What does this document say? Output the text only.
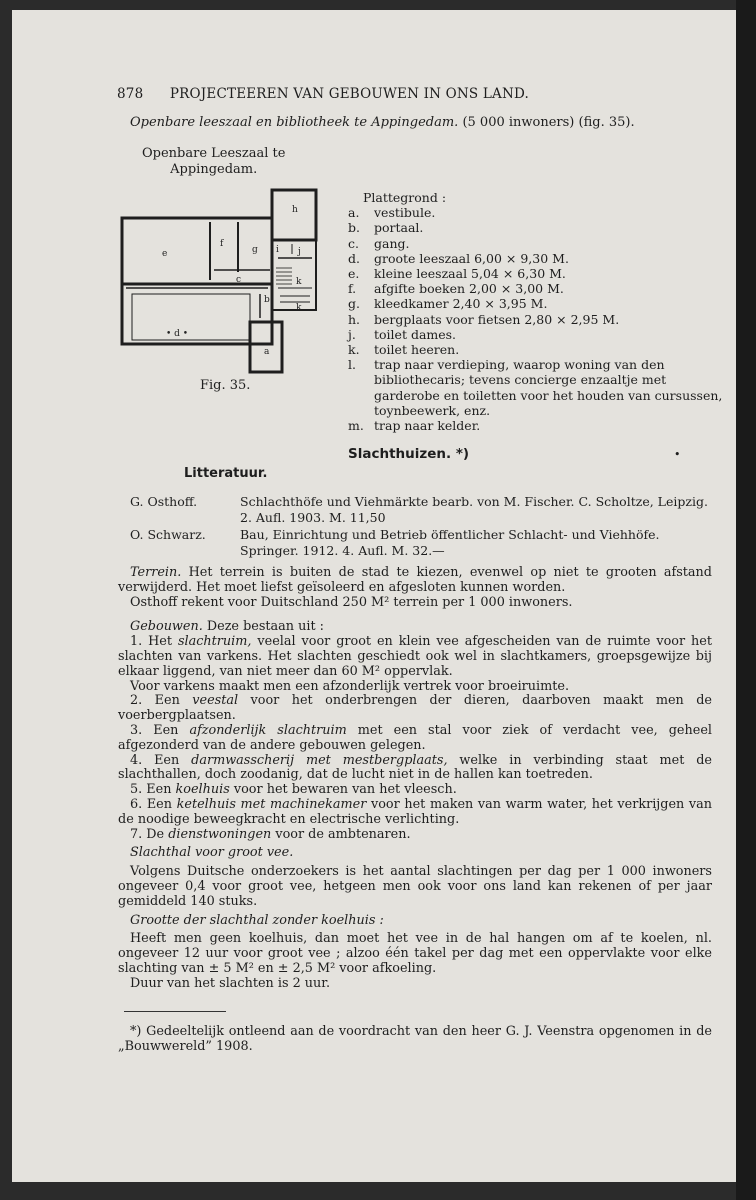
878 PROJECTEEREN VAN GEBOUWEN IN ONS LAND.
Openbare leeszaal en bibliotheek te Appingedam. (5 000 inwoners) (fig. 35).
Openbare Leeszaal te
Appingedam.
h
e
f
g i j
c	k
b
k
• d •
a
Fig. 35.
Plattegrond :
a.	vestibule.
b.	portaal.
c.	gang.
d.	groote leeszaal 6,00 × 9,30 M.
e.	kleine leeszaal 5,04 × 6,30 M.
f.	afgifte boeken 2,00 × 3,00 M.
g.	kleedkamer 2,40 × 3,95 M.
h.	bergplaats voor fietsen 2,80 × 2,95 M.
j.	toilet dames.
k.	toilet heeren.
l.	trap naar verdieping, waarop woning van den bibliothecaris; tevens concierge enzaaltje met garderobe en toiletten voor het houden van cursussen, toynbeewerk, enz.
m. trap naar kelder.
Slachthuizen. *)	•
Litteratuur.
G. Osthoff.	Schlachthöfe und Viehmärkte bearb. von M. Fischer. C. Scholtze, Leipzig. 2. Aufl. 1903. M. 11,50
O. Schwarz.	Bau, Einrichtung und Betrieb öffentlicher Schlacht- und Viehhöfe. Springer. 1912. 4. Aufl. M. 32.—

Terrein. Het terrein is buiten de stad te kiezen, evenwel op niet te grooten afstand verwijderd. Het moet liefst geïsoleerd en afgesloten kunnen worden.

Osthoff rekent voor Duitschland 250 M² terrein per 1 000 inwoners.

Gebouwen. Deze bestaan uit :

1. Het slachtruim, veelal voor groot en klein vee afgescheiden van de ruimte voor het slachten van varkens. Het slachten geschiedt ook wel in slachtkamers, groepsgewijze bij elkaar liggend, van niet meer dan 60 M² oppervlak.

Voor varkens maakt men een afzonderlijk vertrek voor broeiruimte.

2. Een veestal voor het onderbrengen der dieren, daarboven maakt men de voerbergplaatsen.

3. Een afzonderlijk slachtruim met een stal voor ziek of verdacht vee, geheel afgezonderd van de andere gebouwen gelegen.

4. Een darmwasscherij met mestbergplaats, welke in verbinding staat met de slachthallen, doch zoodanig, dat de lucht niet in de hallen kan toetreden.

5. Een koelhuis voor het bewaren van het vleesch.

6. Een ketelhuis met machinekamer voor het maken van warm water, het verkrijgen van de noodige beweegkracht en electrische verlichting.

7. De dienstwoningen voor de ambtenaren.

Slachthal voor groot vee.

Volgens Duitsche onderzoekers is het aantal slachtingen per dag per 1 000 inwoners ongeveer 0,4 voor groot vee, hetgeen men ook voor ons land kan rekenen of per jaar gemiddeld 140 stuks.

Grootte der slachthal zonder koelhuis :

Heeft men geen koelhuis, dan moet het vee in de hal hangen om af te koelen, nl. ongeveer 12 uur voor groot vee ; alzoo één takel per dag met een oppervlakte voor elke slachting van ± 5 M² en ± 2,5 M² voor afkoeling.

Duur van het slachten is 2 uur.

*) Gedeeltelijk ontleend aan de voordracht van den heer G. J. Veenstra opgenomen in de „Bouwwereld” 1908.
